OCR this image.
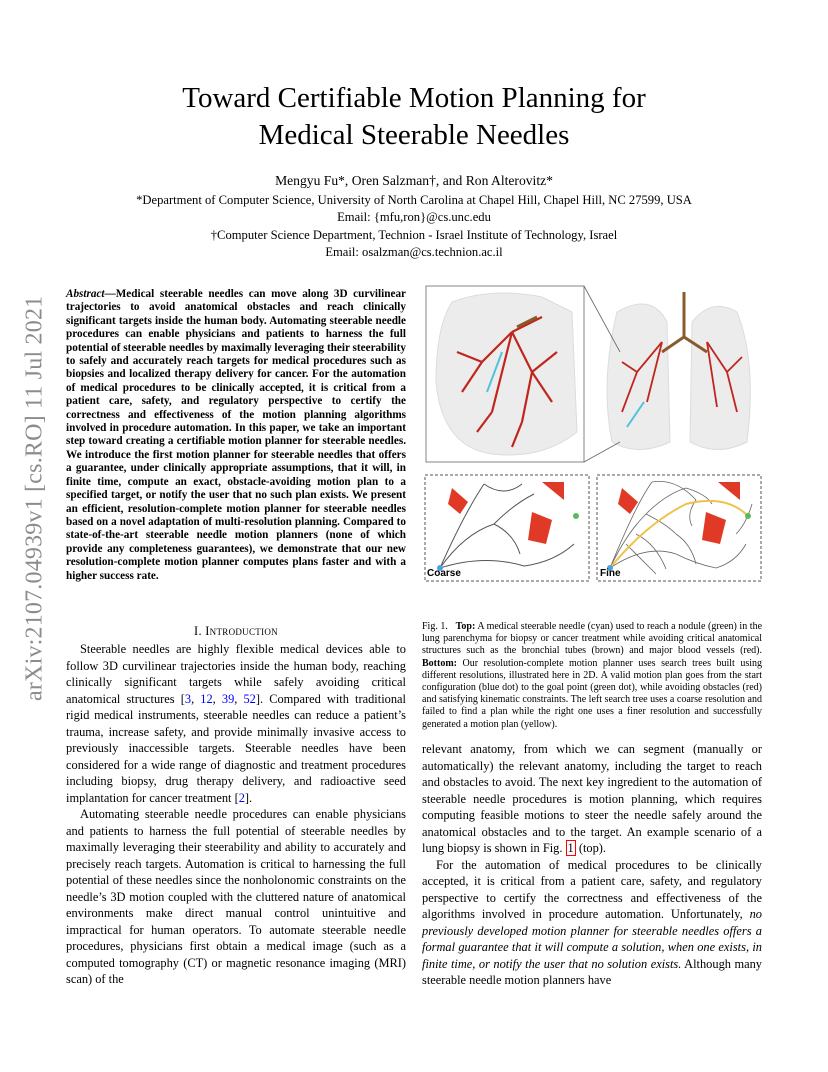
Toward Certifiable Motion Planning for
Medical Steerable Needles
Mengyu Fu*, Oren Salzman†, and Ron Alterovitz*
*Department of Computer Science, University of North Carolina at Chapel Hill, Chapel Hill, NC 27599, USA
Email: {mfu,ron}@cs.unc.edu
†Computer Science Department, Technion - Israel Institute of Technology, Israel
Email: osalzman@cs.technion.ac.il
arXiv:2107.04939v1 [cs.RO] 11 Jul 2021
Abstract—Medical steerable needles can move along 3D curvilinear trajectories to avoid anatomical obstacles and reach clinically significant targets inside the human body. Automating steerable needle procedures can enable physicians and patients to harness the full potential of steerable needles by maximally leveraging their steerability to safely and accurately reach targets for medical procedures such as biopsies and localized therapy delivery for cancer. For the automation of medical procedures to be clinically accepted, it is critical from a patient care, safety, and regulatory perspective to certify the correctness and effectiveness of the motion planning algorithms involved in procedure automation. In this paper, we take an important step toward creating a certifiable motion planner for steerable needles. We introduce the first motion planner for steerable needles that offers a guarantee, under clinically appropriate assumptions, that it will, in finite time, compute an exact, obstacle-avoiding motion plan to a specified target, or notify the user that no such plan exists. We present an efficient, resolution-complete motion planner for steerable needles based on a novel adaptation of multi-resolution planning. Compared to state-of-the-art steerable needle motion planners (none of which provide any completeness guarantees), we demonstrate that our new resolution-complete motion planner computes plans faster and with a higher success rate.
I. Introduction

Steerable needles are highly flexible medical devices able to follow 3D curvilinear trajectories inside the human body, reaching clinically significant targets while safely avoiding critical anatomical structures [3, 12, 39, 52]. Compared with traditional rigid medical instruments, steerable needles can reduce a patient’s trauma, increase safety, and provide minimally invasive access to previously inaccessible targets. Steerable needles have been considered for a wide range of diagnostic and treatment procedures including biopsy, drug therapy delivery, and radioactive seed implantation for cancer treatment [2].

Automating steerable needle procedures can enable physicians and patients to harness the full potential of steerable needles by maximally leveraging their steerability and ability to accurately and precisely reach targets. Automation is critical to harnessing the full potential of these needles since the nonholonomic constraints on the needle’s 3D motion coupled with the cluttered nature of anatomical environments make direct manual control unintuitive and impractical for human operators. To automate steerable needle procedures, physicians first obtain a medical image (such as a computed tomography (CT) or magnetic resonance imaging (MRI) scan) of the

Coarse	Fine
Fig. 1. Top: A medical steerable needle (cyan) used to reach a nodule (green) in the lung parenchyma for biopsy or cancer treatment while avoiding critical anatomical structures such as the bronchial tubes (brown) and major blood vessels (red). Bottom: Our resolution-complete motion planner uses search trees built using different resolutions, illustrated here in 2D. A valid motion plan goes from the start configuration (blue dot) to the goal point (green dot), while avoiding obstacles (red) and satisfying kinematic constraints. The left search tree uses a coarse resolution and failed to find a plan while the right one uses a finer resolution and successfully generated a motion plan (yellow).

relevant anatomy, from which we can segment (manually or automatically) the relevant anatomy, including the target to reach and obstacles to avoid. The next key ingredient to the automation of steerable needle procedures is motion planning, which requires computing feasible motions to steer the needle safely around the anatomical obstacles and to the target. An example scenario of a lung biopsy is shown in Fig. 1 (top).

For the automation of medical procedures to be clinically accepted, it is critical from a patient care, safety, and regulatory perspective to certify the correctness and effectiveness of the algorithms involved in procedure automation. Unfortunately, no previously developed motion planner for steerable needles offers a formal guarantee that it will compute a solution, when one exists, in finite time, or notify the user that no solution exists. Although many steerable needle motion planners have
